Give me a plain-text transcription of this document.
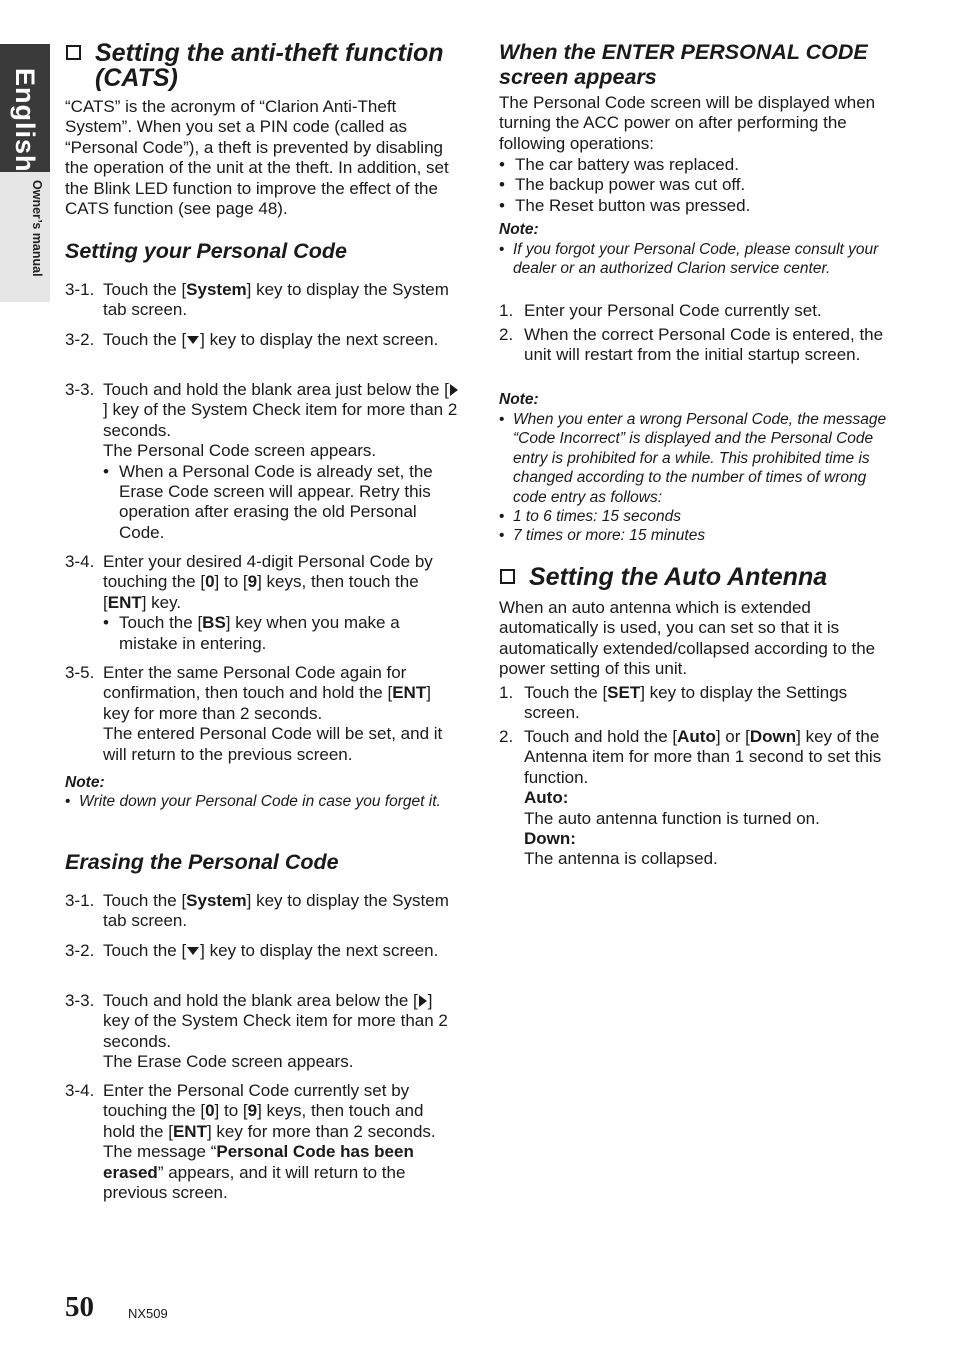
English
Owner’s manual
Setting the anti-theft function (CATS)

“CATS” is the acronym of “Clarion Anti-Theft System”. When you set a PIN code (called as “Personal Code”), a theft is prevented by disabling the operation of the unit at the theft. In addition, set the Blink LED function to improve the effect of the CATS function (see page 48).

Setting your Personal Code
3-1. Touch the [System] key to display the System tab screen.
3-2. Touch the [ ] key to display the next screen.
3-3. Touch and hold the blank area just below the [] key of the System Check item for more than 2 seconds.
The Personal Code screen appears.
• When a Personal Code is already set, the Erase Code screen will appear. Retry this operation after erasing the old Personal Code.
3-4. Enter your desired 4-digit Personal Code by touching the [0] to [9] keys, then touch the [ENT] key.
• Touch the [BS] key when you make a mistake in entering.
3-5. Enter the same Personal Code again for confirmation, then touch and hold the [ENT] key for more than 2 seconds.
The entered Personal Code will be set, and it will return to the previous screen.
Note:
• Write down your Personal Code in case you forget it.
Erasing the Personal Code
3-1. Touch the [System] key to display the System tab screen.
3-2. Touch the [ ] key to display the next screen.
3-3. Touch and hold the blank area below the [ ] key of the System Check item for more than 2 seconds.
The Erase Code screen appears.
3-4. Enter the Personal Code currently set by touching the [0] to [9] keys, then touch and hold the [ENT] key for more than 2 seconds.
The message “Personal Code has been erased” appears, and it will return to the previous screen.
When the ENTER PERSONAL CODE screen appears

The Personal Code screen will be displayed when turning the ACC power on after performing the following operations:

• The car battery was replaced.
• The backup power was cut off.
• The Reset button was pressed.
Note:
• If you forgot your Personal Code, please consult your dealer or an authorized Clarion service center.
1. Enter your Personal Code currently set.
2. When the correct Personal Code is entered, the unit will restart from the initial startup screen.
Note:
• When you enter a wrong Personal Code, the message “Code Incorrect” is displayed and the Personal Code entry is prohibited for a while. This prohibited time is changed according to the number of times of wrong code entry as follows:
• 1 to 6 times: 15 seconds
• 7 times or more: 15 minutes
Setting the Auto Antenna

When an auto antenna which is extended automatically is used, you can set so that it is automatically extended/collapsed according to the power setting of this unit.

1. Touch the [SET] key to display the Settings screen.
2. Touch and hold the [Auto] or [Down] key of the Antenna item for more than 1 second to set this function.
Auto:
The auto antenna function is turned on.
Down:
The antenna is collapsed.
50	NX509
